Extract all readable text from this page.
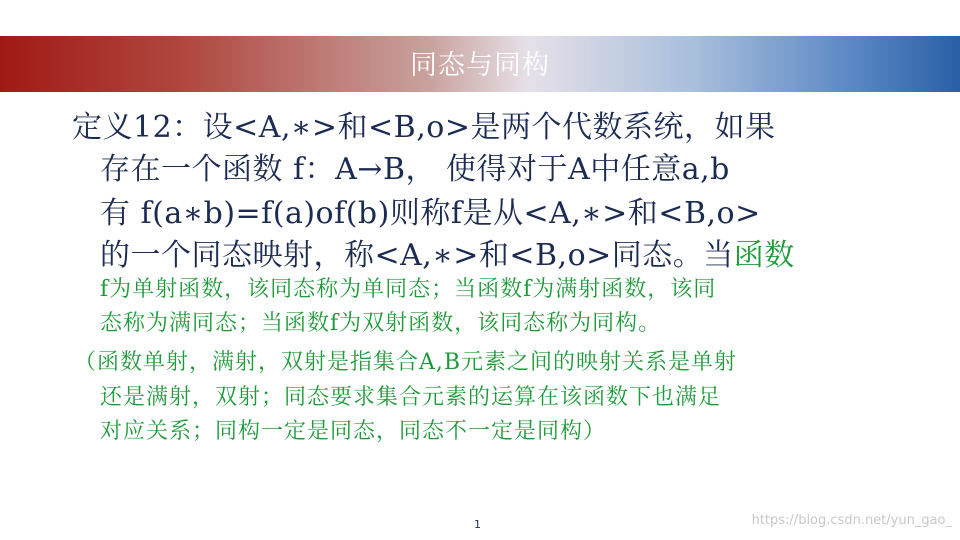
同态与同构
定义12：设<A,∗>和<B,o>是两个代数系统，如果
存在一个函数 f：A→B， 使得对于A中任意a,b
有 f(a∗b)=f(a)of(b)则称f是从<A,∗>和<B,o>
的一个同态映射，称<A,∗>和<B,o>同态。当函数
f为单射函数，该同态称为单同态；当函数f为满射函数，该同
态称为满同态；当函数f为双射函数，该同态称为同构。
（函数单射，满射，双射是指集合A,B元素之间的映射关系是单射
还是满射，双射；同态要求集合元素的运算在该函数下也满足
对应关系；同构一定是同态，同态不一定是同构）
1	https://blog.csdn.net/yun_gao_
